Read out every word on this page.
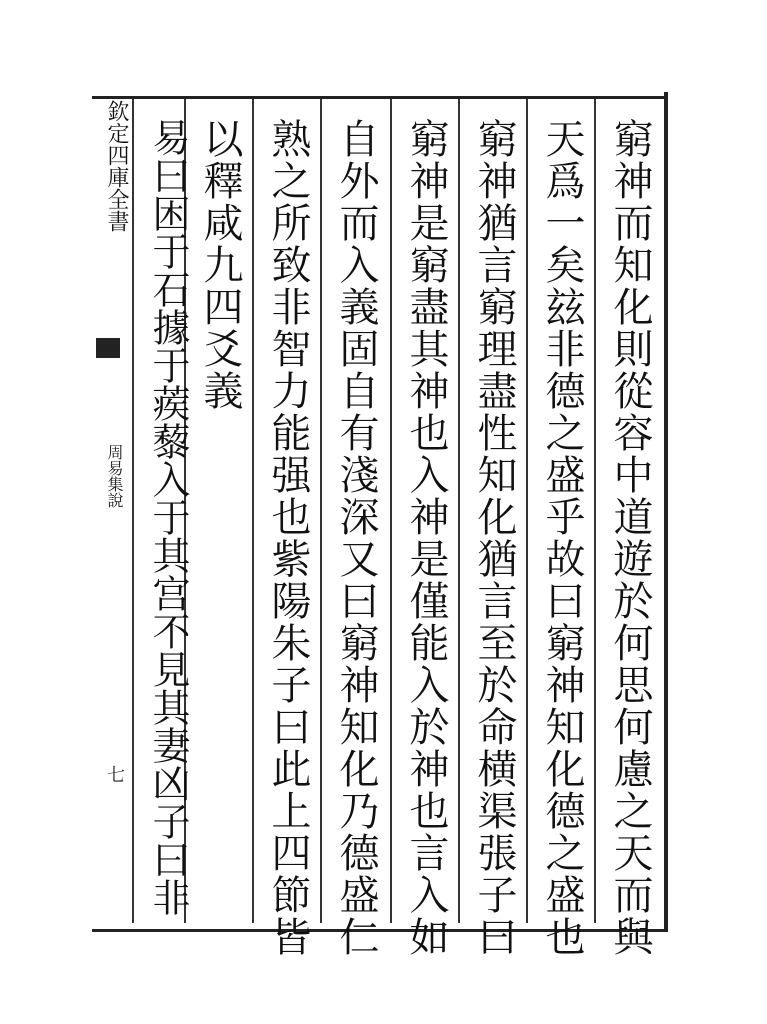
欽定四庫全書
周易集說
七	窮神而知化則從容中道遊於何思何慮之天而與
天爲一矣玆非德之盛乎故曰窮神知化德之盛也
窮神猶言窮理盡性知化猶言至於命横渠張子曰
窮神是窮盡其神也入神是僅能入於神也言入如
自外而入義固自有淺深又曰窮神知化乃德盛仁
熟之所致非智力能强也紫陽朱子曰此上四節皆
以釋咸九四爻義
易曰困于石據于蒺藜入于其宫不見其妻凶子曰非
